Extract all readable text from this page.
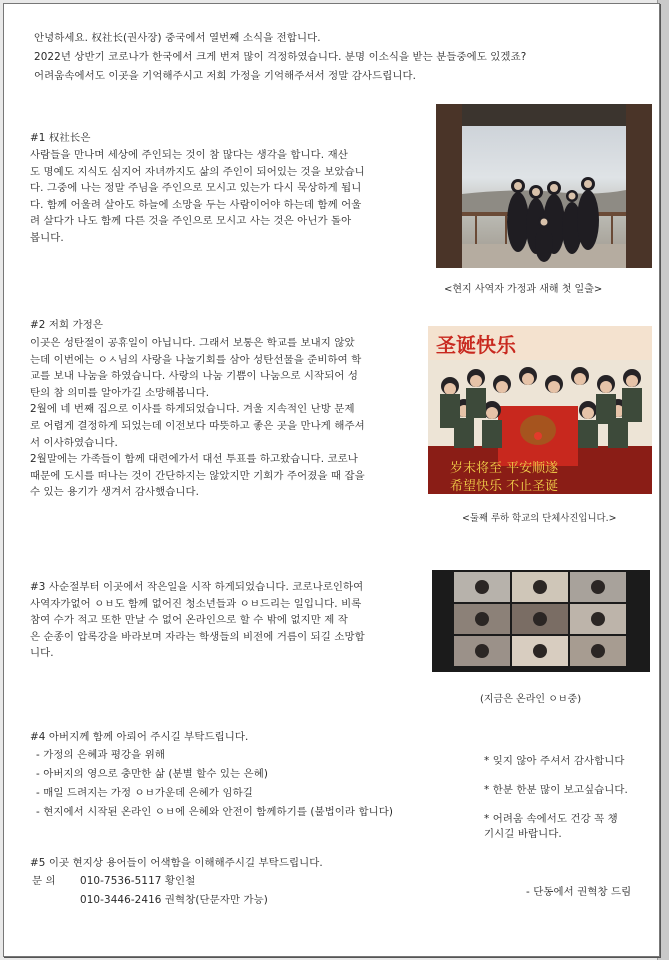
안녕하세요. 权社长(권사장) 중국에서 열번째 소식을 전합니다.
2022년 상반기 코로나가 한국에서 크게 번져 많이 걱정하였습니다. 분명 이소식을 받는 분들중에도 있겠죠?
어려움속에서도 이곳을 기억해주시고 저희 가정을 기억해주셔서 정말 감사드립니다.
#1 权社长은
사람들을 만나며 세상에 주인되는 것이 참 많다는 생각을 합니다. 재산
도 명예도 지식도 심지어 자녀까지도 삶의 주인이 되어있는 것을 보았습니
다. 그중에 나는 정말 주님을 주인으로 모시고 있는가 다시 묵상하게 됩니
다. 함께 어울려 살아도 하늘에 소망을 두는 사람이어야 하는데 함께 어울
려 살다가 나도 함께 다른 것을 주인으로 모시고 사는 것은 아닌가 돌아
봅니다.
<현지 사역자 가정과 새해 첫 일출>
#2 저희 가정은
이곳은 성탄절이 공휴일이 아닙니다. 그래서 보통은 학교를 보내지 않았
는데 이번에는 ㅇㅅ님의 사랑을 나눌기회를 삼아 성탄선물을 준비하여 학
교를 보내 나눔을 하였습니다. 사랑의 나눔 기쁨이 나눔으로 시작되어 성
탄의 참 의미를 알아가길 소망해봅니다.
2월에 네 번째 집으로 이사를 하게되었습니다. 겨울 지속적인 난방 문제
로 어렵게 결정하게 되었는데 이전보다 따뜻하고 좋은 곳을 만나게 해주셔
서 이사하였습니다.
2월말에는 가족들이 함께 대련에가서 대선 투표를 하고왔습니다. 코로나
때문에 도시를 떠나는 것이 간단하지는 않았지만 기회가 주어졌을 때 잡을
수 있는 용기가 생겨서 감사했습니다.
圣诞快乐
岁末将至 平安顺遂
希望快乐 不止圣诞
<둘째 루하 학교의 단체사진입니다.>
#3 사순절부터 이곳에서 작은일을 시작 하게되었습니다. 코로나로인하여
사역자가없어 ㅇㅂ도 함께 없어진 청소년들과 ㅇㅂ드리는 일입니다. 비록
참여 수가 적고 또한 만날 수 없어 온라인으로 할 수 밖에 없지만 제 작
은 순종이 압록강을 바라보며 자라는 학생들의 비전에 거름이 되길 소망합
니다.
(지금은 온라인 ㅇㅂ중)
#4 아버지께 함께 아뢰어 주시길 부탁드립니다.
- 가정의 은혜과 평강을 위해
- 아버지의 영으로 충만한 삶 (분별 할수 있는 은혜)
- 매일 드려지는 가정 ㅇㅂ가운데 은혜가 임하길
- 현지에서 시작된 온라인 ㅇㅂ에 은혜와 안전이 함께하기를 (불법이라 합니다)
* 잊지 않아 주셔서 감사합니다
* 한분 한분 많이 보고싶습니다.
* 어려움 속에서도 건강 꼭 챙
기시길 바랍니다.
#5 이곳 현지상 용어들이 어색함을 이해해주시길 부탁드립니다.
문 의 010-7536-5117 황인철
010-3446-2416 권혁창(단문자만 가능)
- 단동에서 권혁창 드림
